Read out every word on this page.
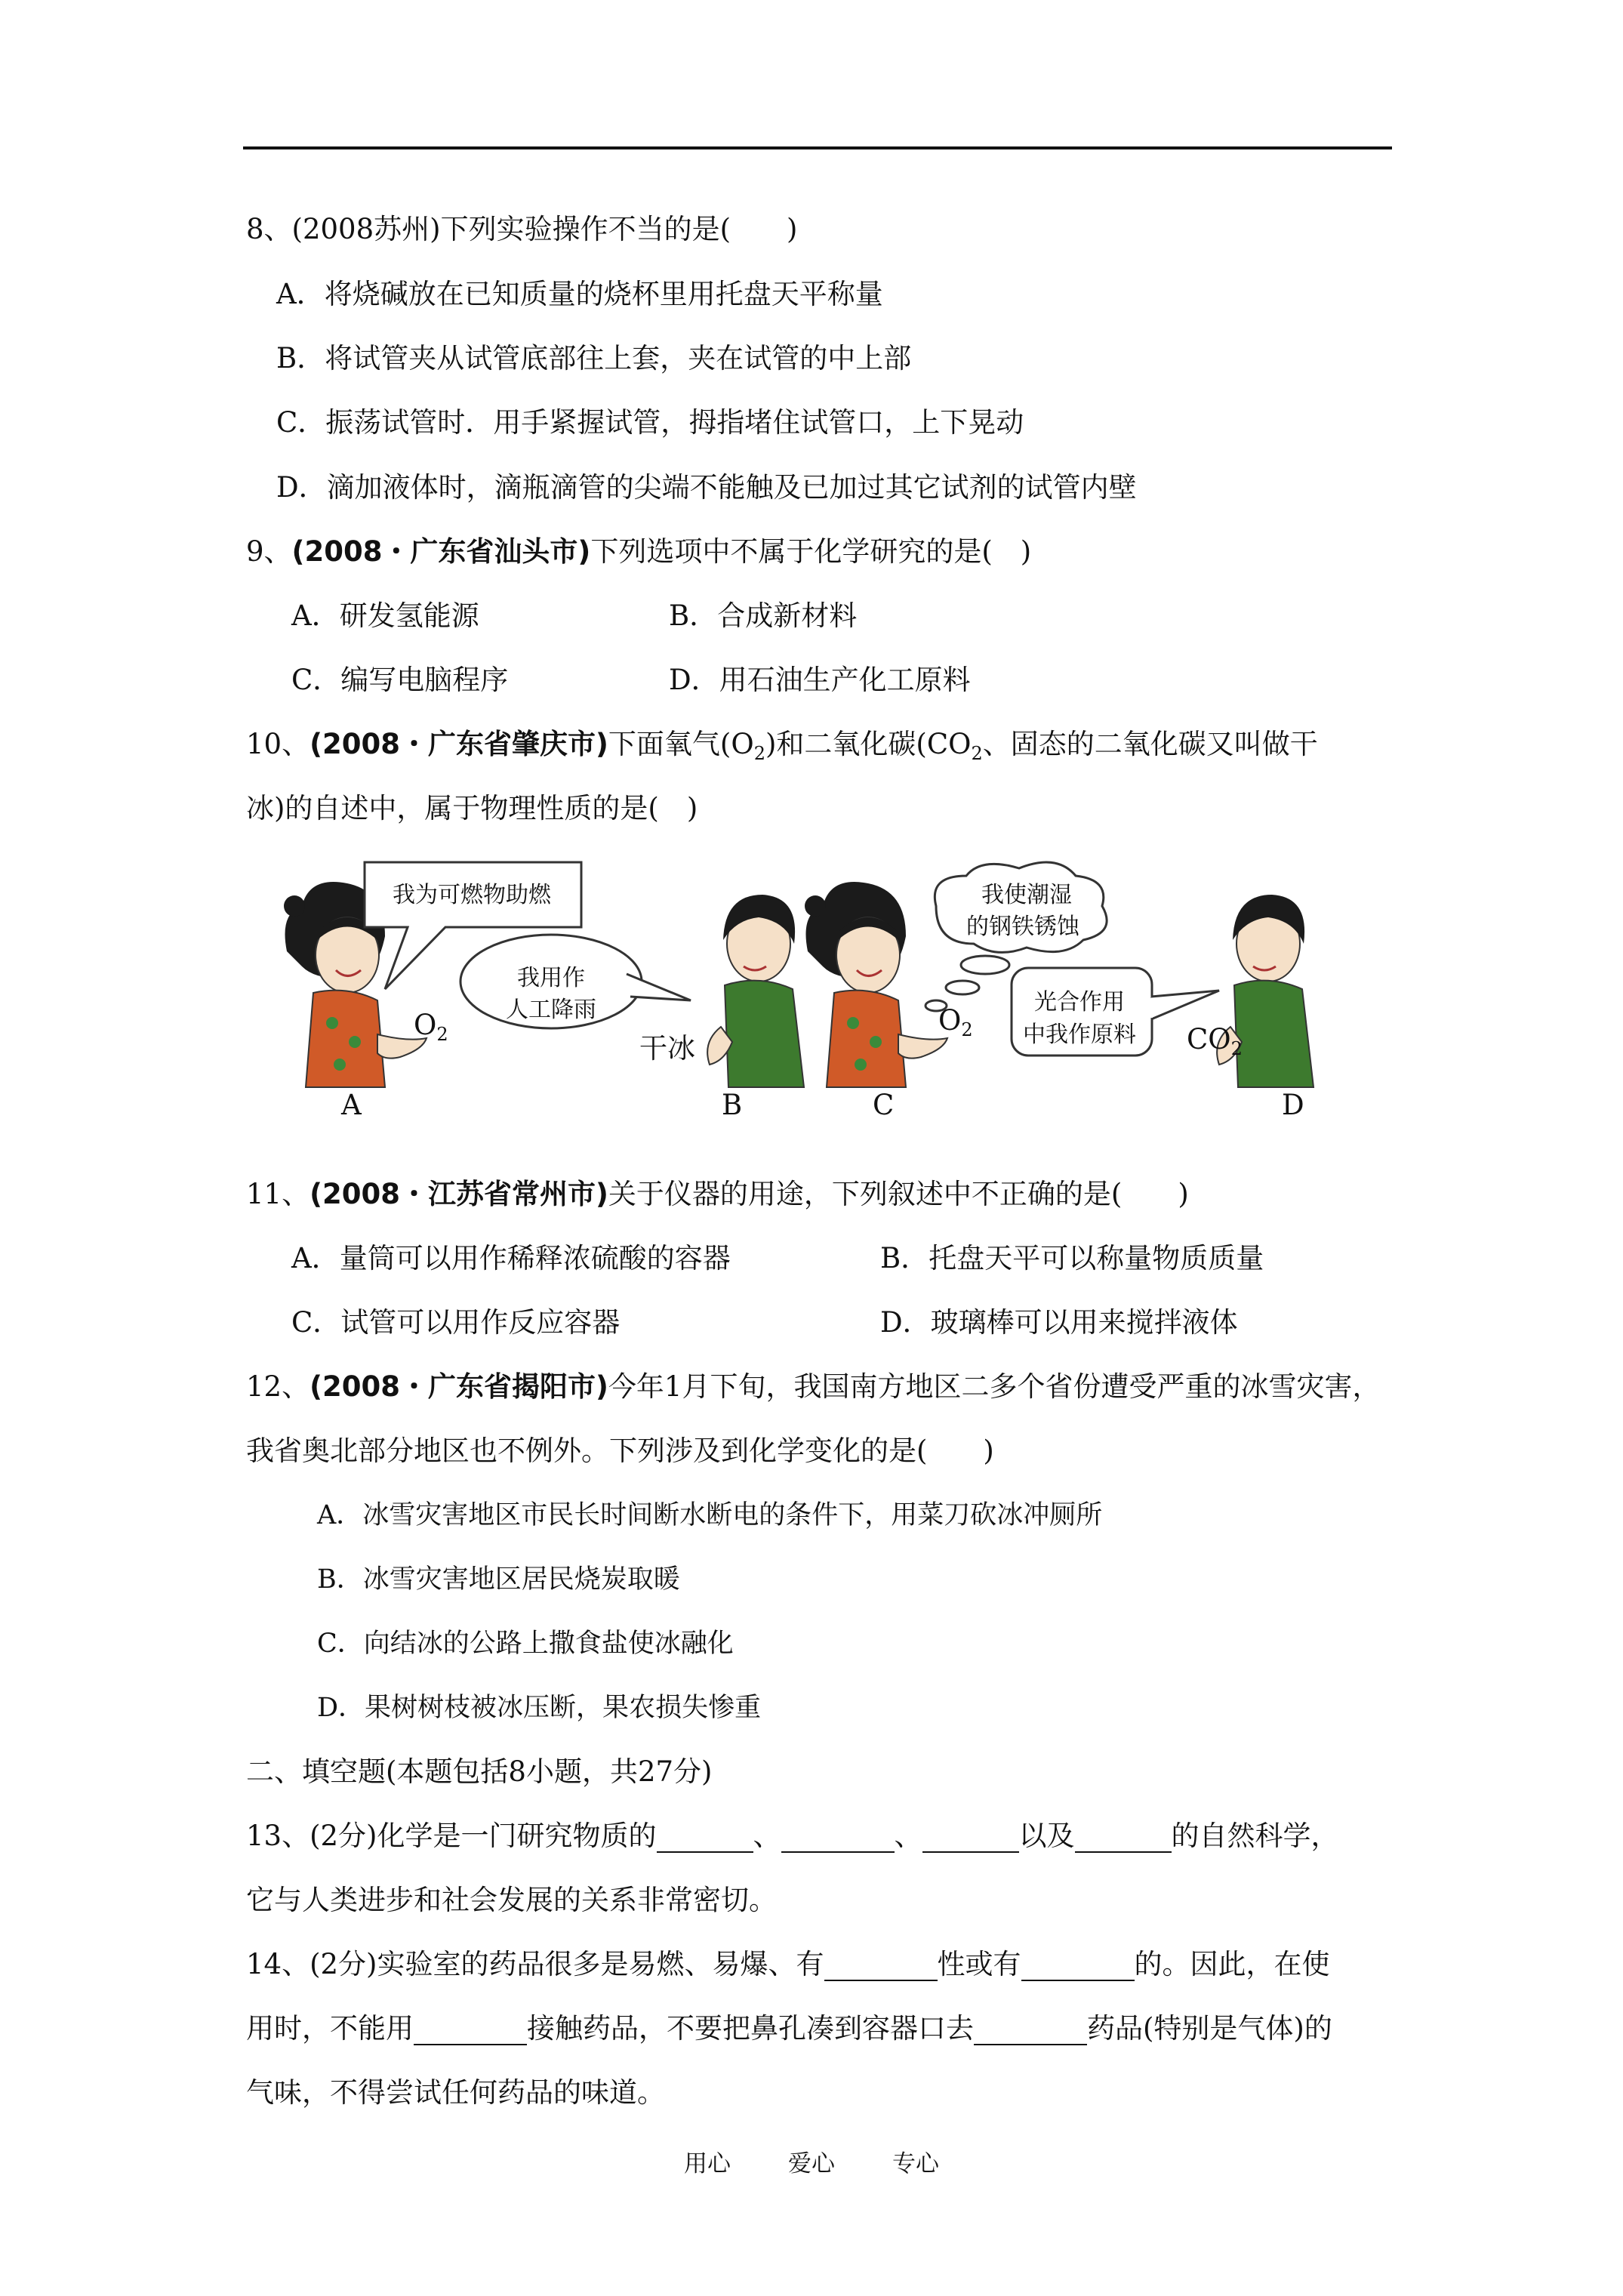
8、(2008苏州)下列实验操作不当的是(　　)
A．将烧碱放在已知质量的烧杯里用托盘天平称量
B．将试管夹从试管底部往上套，夹在试管的中上部
C．振荡试管时．用手紧握试管，拇指堵住试管口，上下晃动
D．滴加液体时，滴瓶滴管的尖端不能触及已加过其它试剂的试管内壁
9、(2008・广东省汕头市)下列选项中不属于化学研究的是(　)
A．研发氢能源	B．合成新材料
C．编写电脑程序	D．用石油生产化工原料
10、(2008・广东省肇庆市)下面氧气$(O_2)$和二氧化碳($CO_2$、固态的二氧化碳又叫做干
冰)的自述中，属于物理性质的是(　)
我为可燃物助燃
我用作
人工降雨
我使潮湿
的钢铁锈蚀
光合作用
中我作原料
$O_2$	干冰
$O_2$	$CO_2$
A	B	C	D
11、(2008・江苏省常州市)关于仪器的用途，下列叙述中不正确的是(　　)
A．量筒可以用作稀释浓硫酸的容器	B．托盘天平可以称量物质质量
C．试管可以用作反应容器	D．玻璃棒可以用来搅拌液体
12、(2008・广东省揭阳市)今年1月下旬，我国南方地区二多个省份遭受严重的冰雪灾害，
我省奥北部分地区也不例外。下列涉及到化学变化的是(　　)
A．冰雪灾害地区市民长时间断水断电的条件下，用菜刀砍冰冲厕所
B．冰雪灾害地区居民烧炭取暖
C．向结冰的公路上撒食盐使冰融化
D．果树树枝被冰压断，果农损失惨重
二、填空题(本题包括8小题，共27分)
13、(2分)化学是一门研究物质的	、	、	以及	的自然科学，
它与人类进步和社会发展的关系非常密切。
14、(2分)实验室的药品很多是易燃、易爆、有	性或有	的。因此，在使
用时，不能用	接触药品，不要把鼻孔凑到容器口去	药品(特别是气体)的
气味，不得尝试任何药品的味道。
用心 爱心 专心
